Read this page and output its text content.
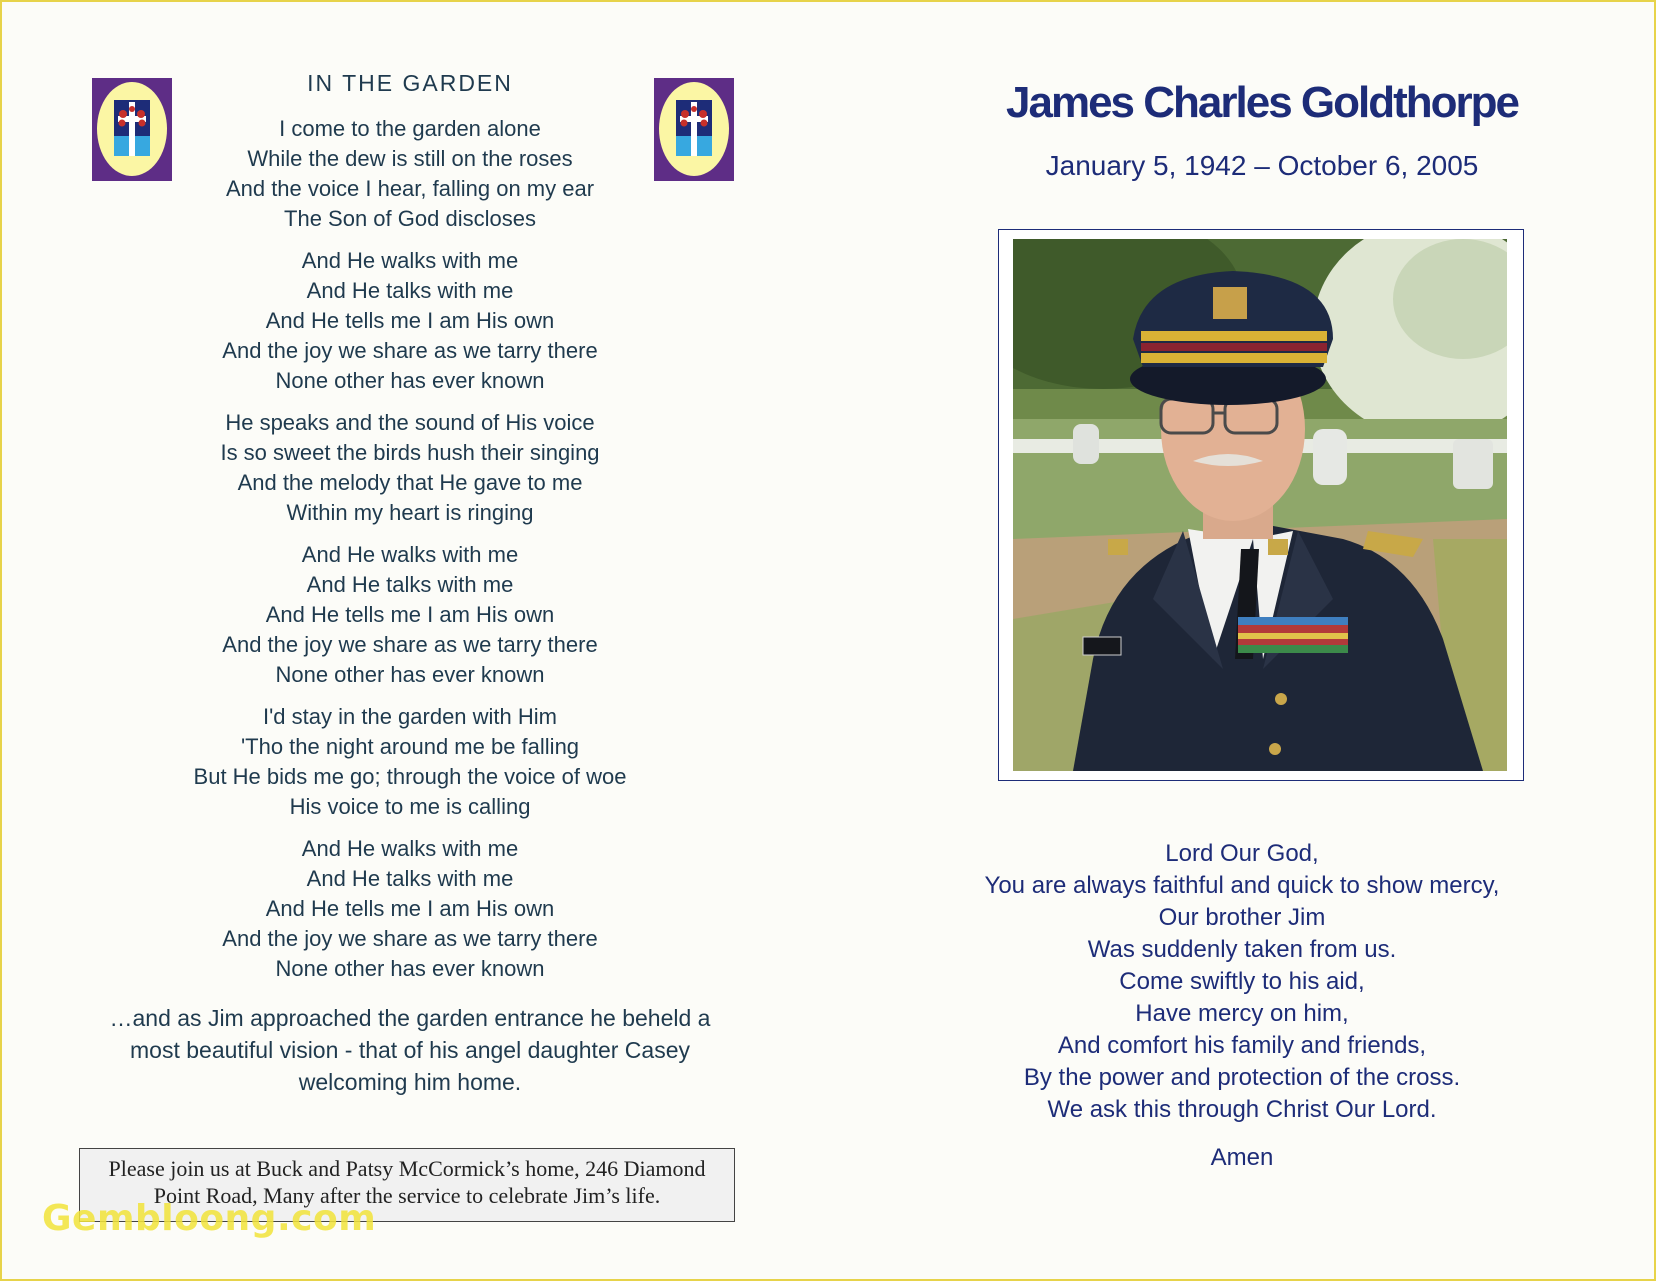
IN THE GARDEN
I come to the garden alone
While the dew is still on the roses
And the voice I hear, falling on my ear
The Son of God discloses
And He walks with me
And He talks with me
And He tells me I am His own
And the joy we share as we tarry there
None other has ever known
He speaks and the sound of His voice
Is so sweet the birds hush their singing
And the melody that He gave to me
Within my heart is ringing
And He walks with me
And He talks with me
And He tells me I am His own
And the joy we share as we tarry there
None other has ever known
I'd stay in the garden with Him
'Tho the night around me be falling
But He bids me go; through the voice of woe
His voice to me is calling
And He walks with me
And He talks with me
And He tells me I am His own
And the joy we share as we tarry there
None other has ever known
…and as Jim approached the garden entrance he beheld a
most beautiful vision - that of his angel daughter Casey
welcoming him home.
Please join us at Buck and Patsy McCormick’s home, 246 Diamond
Point Road, Many after the service to celebrate Jim’s life.
Gembloong.com
James Charles Goldthorpe
January 5, 1942 – October 6, 2005
Lord Our God,
You are always faithful and quick to show mercy,
Our brother Jim
Was suddenly taken from us.
Come swiftly to his aid,
Have mercy on him,
And comfort his family and friends,
By the power and protection of the cross.
We ask this through Christ Our Lord.
Amen
